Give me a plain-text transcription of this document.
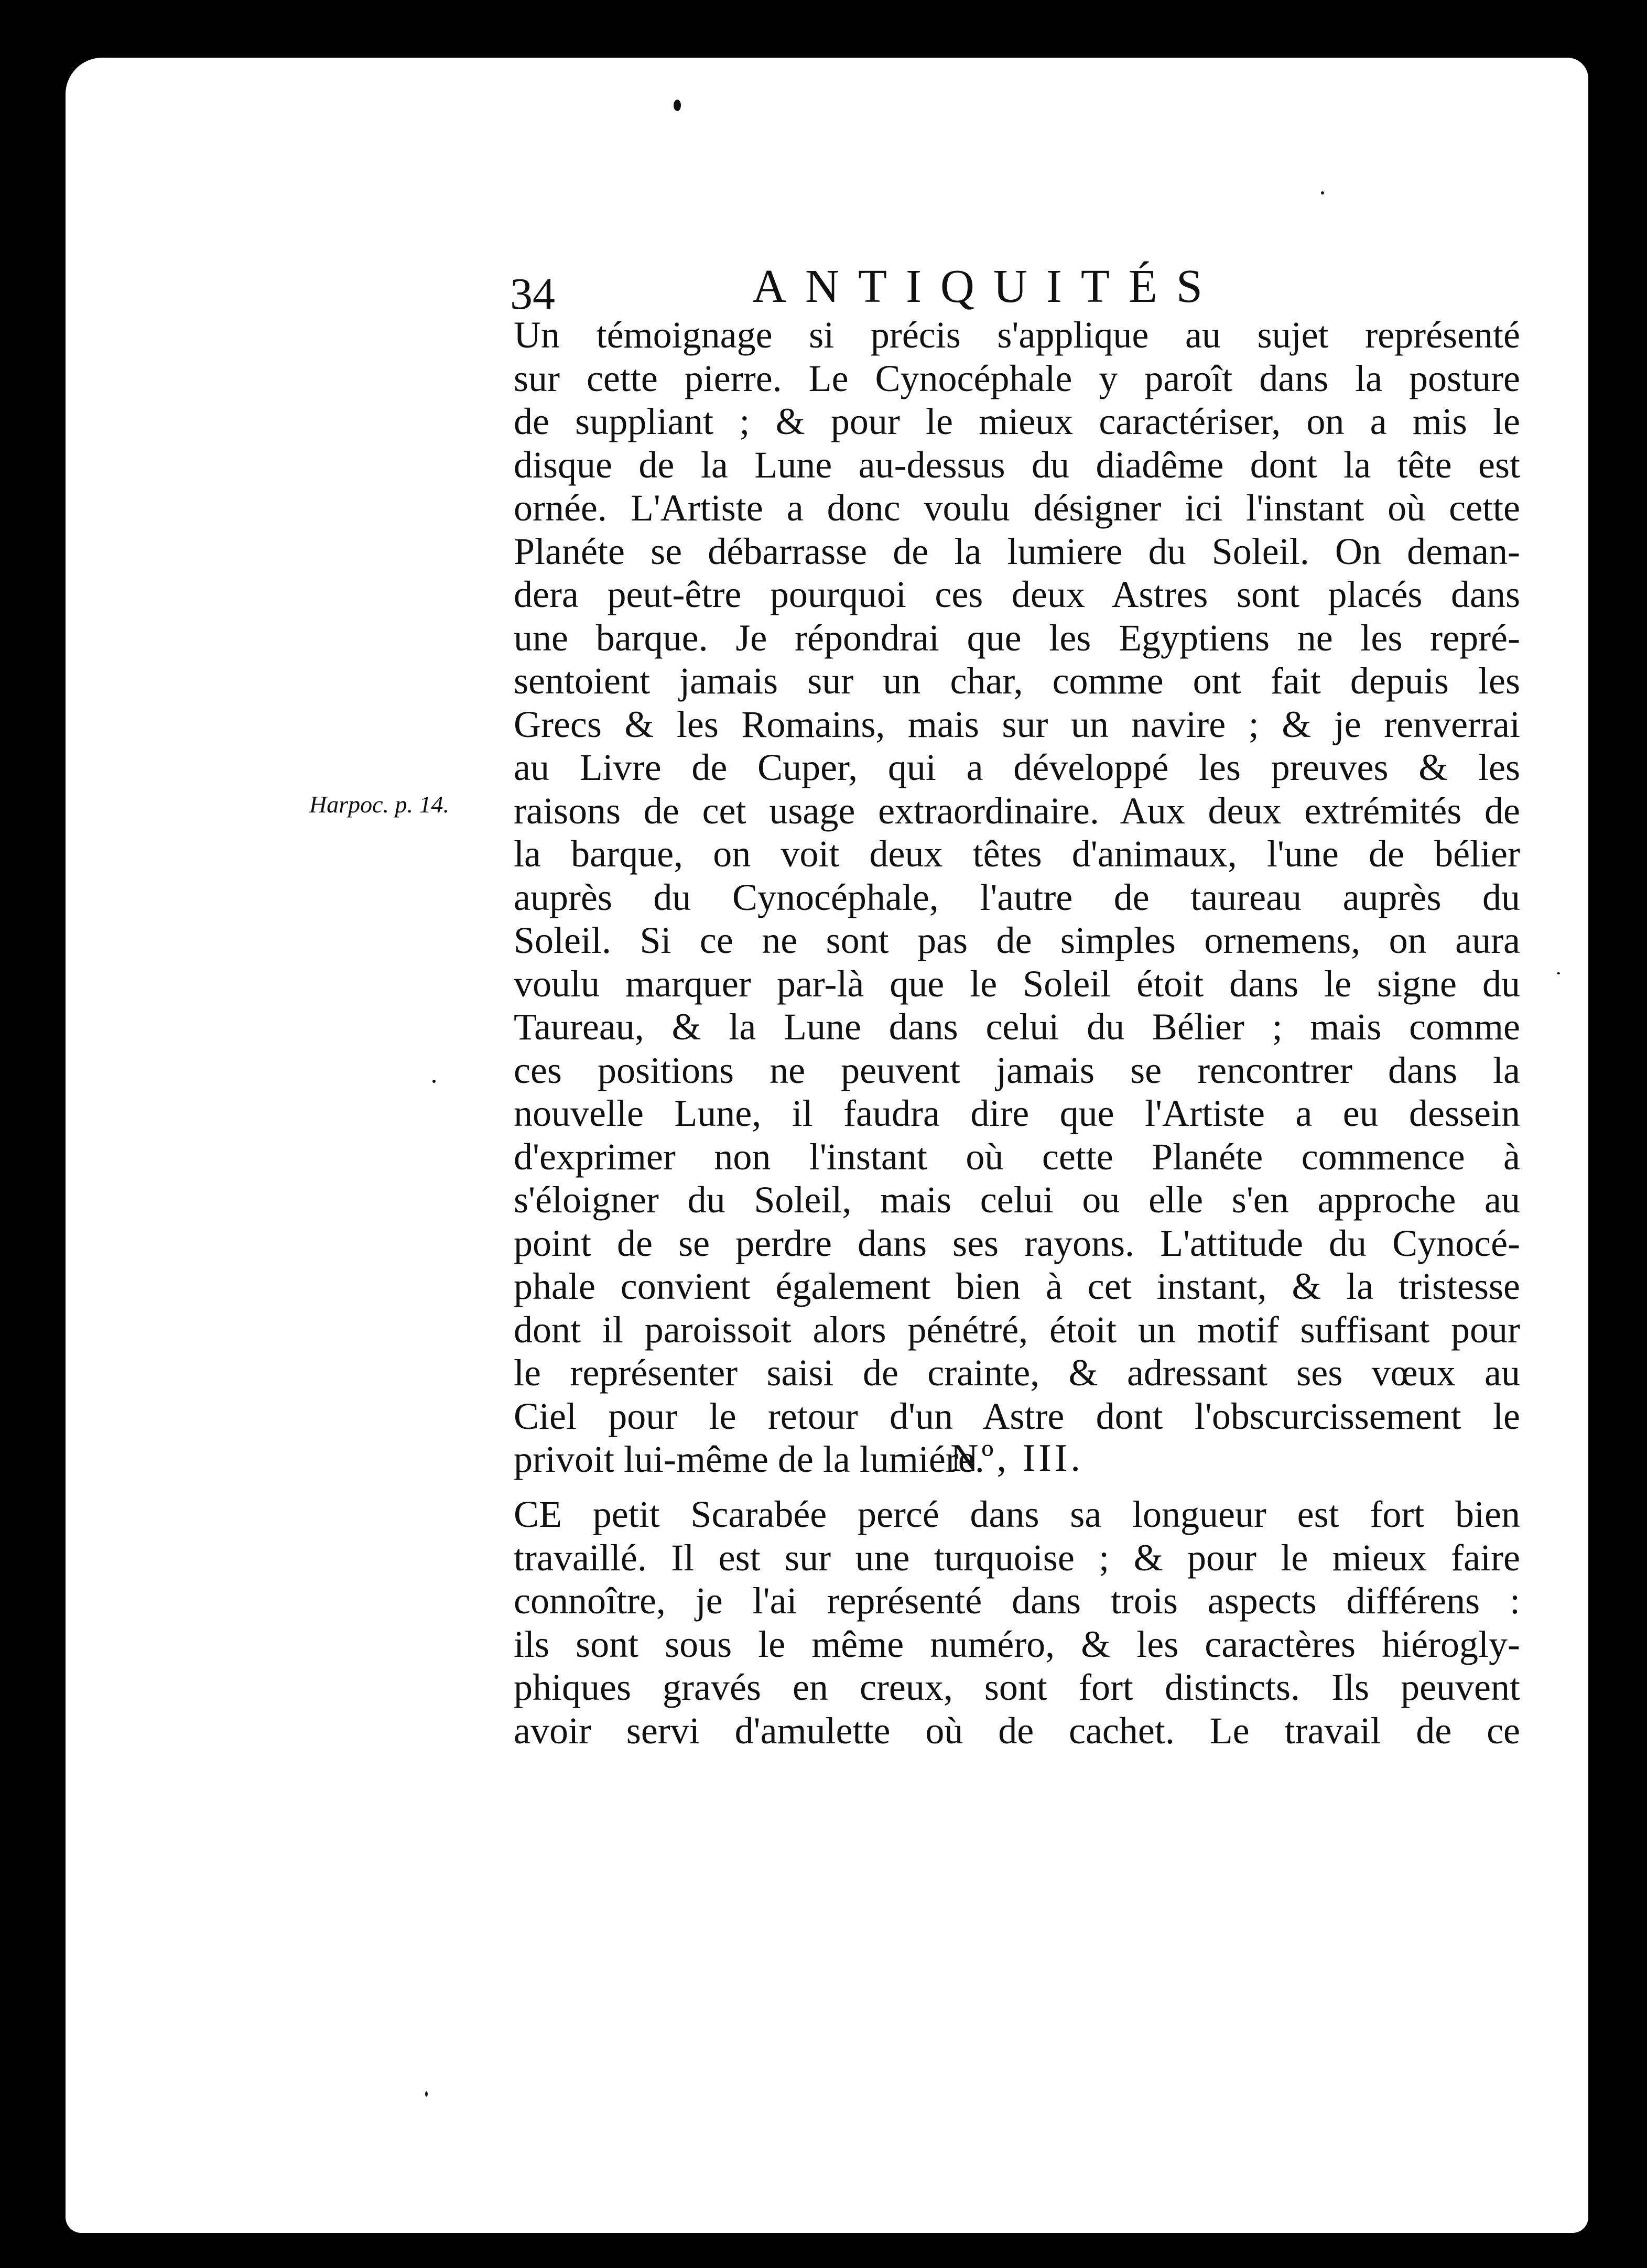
34	ANTIQUITÉS
Harpoc. p. 14.
Un témoignage si précis s'applique au sujet représenté
sur cette pierre. Le Cynocéphale y paroît dans la posture
de suppliant ; & pour le mieux caractériser, on a mis le
disque de la Lune au-dessus du diadême dont la tête est
ornée. L'Artiste a donc voulu désigner ici l'instant où cette
Planéte se débarrasse de la lumiere du Soleil. On deman-
dera peut-être pourquoi ces deux Astres sont placés dans
une barque. Je répondrai que les Egyptiens ne les repré-
sentoient jamais sur un char, comme ont fait depuis les
Grecs & les Romains, mais sur un navire ; & je renverrai
au Livre de Cuper, qui a développé les preuves & les
raisons de cet usage extraordinaire. Aux deux extrémités de
la barque, on voit deux têtes d'animaux, l'une de bélier
auprès du Cynocéphale, l'autre de taureau auprès du
Soleil. Si ce ne sont pas de simples ornemens, on aura
voulu marquer par-là que le Soleil étoit dans le signe du
Taureau, & la Lune dans celui du Bélier ; mais comme
ces positions ne peuvent jamais se rencontrer dans la
nouvelle Lune, il faudra dire que l'Artiste a eu dessein
d'exprimer non l'instant où cette Planéte commence à
s'éloigner du Soleil, mais celui ou elle s'en approche au
point de se perdre dans ses rayons. L'attitude du Cynocé-
phale convient également bien à cet instant, & la tristesse
dont il paroissoit alors pénétré, étoit un motif suffisant pour
le représenter saisi de crainte, & adressant ses vœux au
Ciel pour le retour d'un Astre dont l'obscurcissement le
privoit lui-même de la lumiére.
Nº, III.
CE petit Scarabée percé dans sa longueur est fort bien
travaillé. Il est sur une turquoise ; & pour le mieux faire
connoître, je l'ai représenté dans trois aspects différens :
ils sont sous le même numéro, & les caractères hiérogly-
phiques gravés en creux, sont fort distincts. Ils peuvent
avoir servi d'amulette où de cachet. Le travail de ce
